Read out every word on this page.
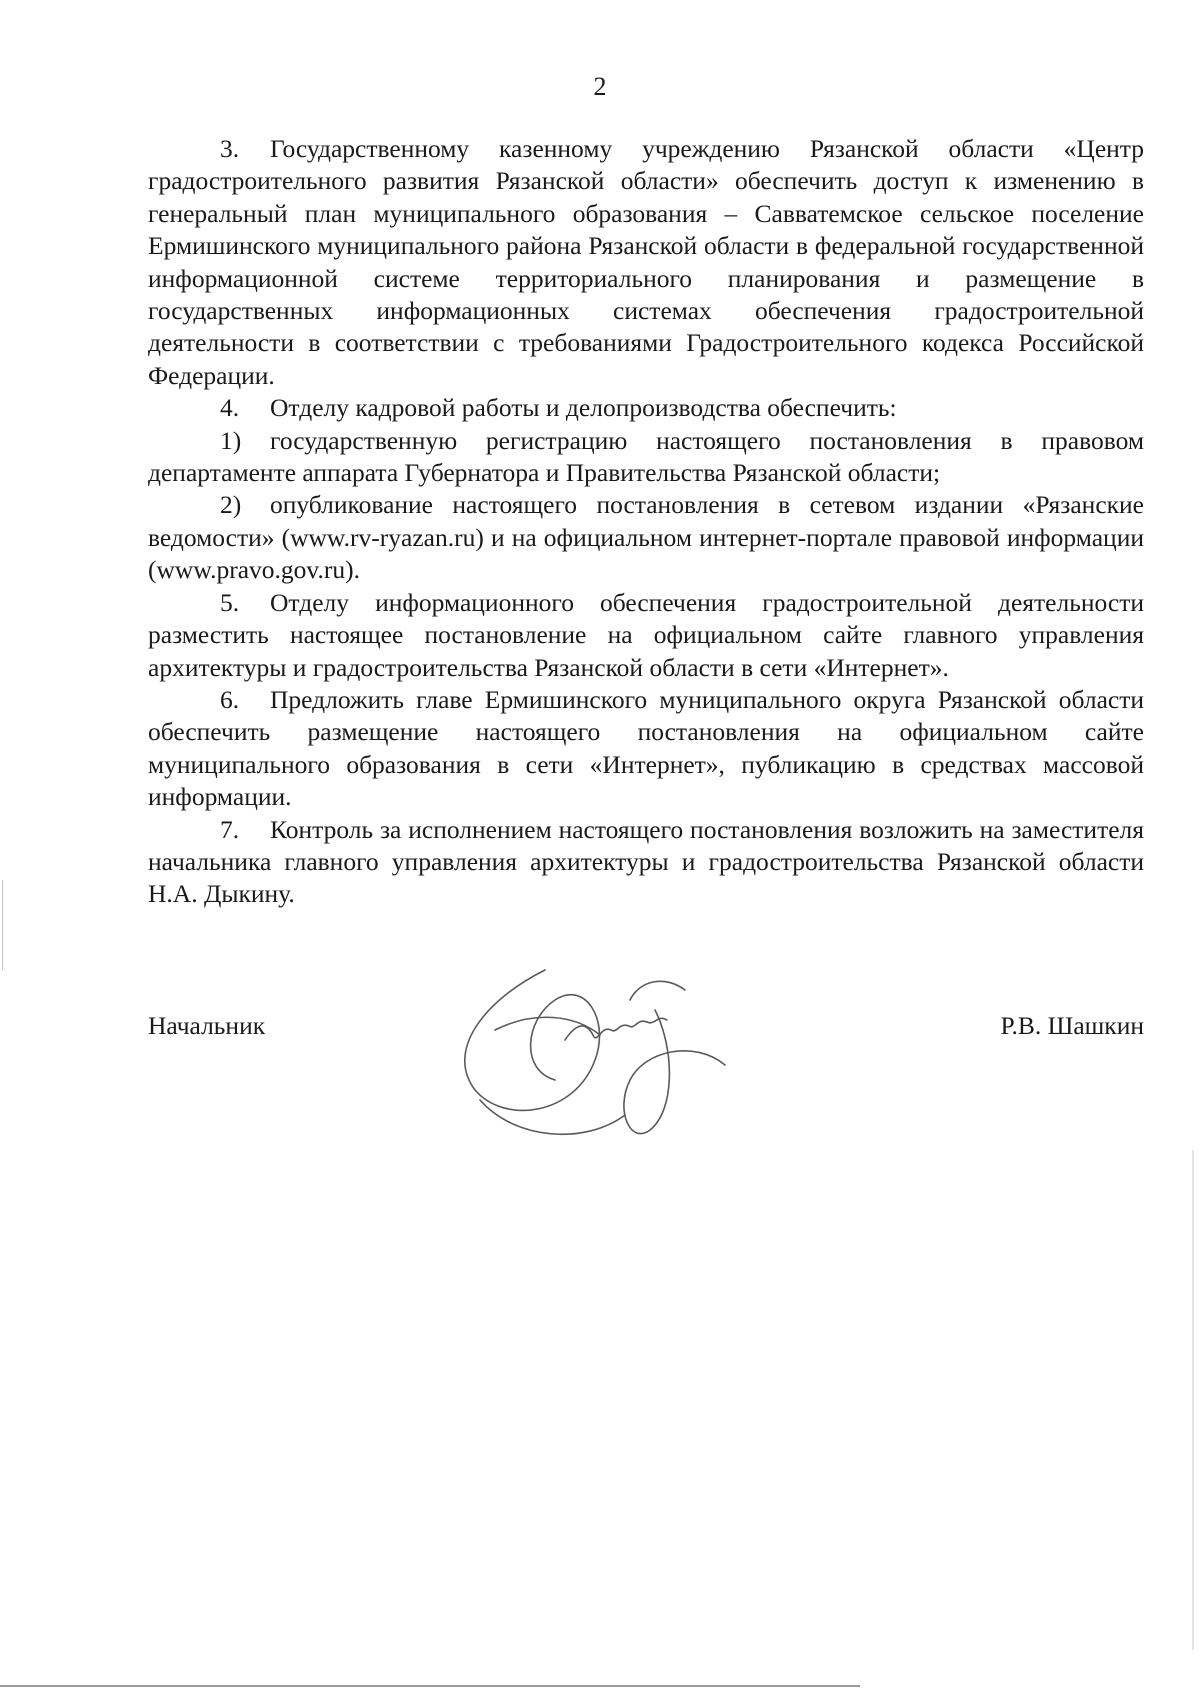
2

3. Государственному казенному учреждению Рязанской области «Центр градостроительного развития Рязанской области» обеспечить доступ к изменению в генеральный план муниципального образования – Савватемское сельское поселение Ермишинского муниципального района Рязанской области в федеральной государственной информационной системе территориального планирования и размещение в государственных информационных системах обеспечения градостроительной деятельности в соответствии с требованиями Градостроительного кодекса Российской Федерации.

4. Отделу кадровой работы и делопроизводства обеспечить:

1) государственную регистрацию настоящего постановления в правовом департаменте аппарата Губернатора и Правительства Рязанской области;

2) опубликование настоящего постановления в сетевом издании «Рязанские ведомости» (www.rv-ryazan.ru) и на официальном интернет-портале правовой информации (www.pravo.gov.ru).

5. Отделу информационного обеспечения градостроительной деятельности разместить настоящее постановление на официальном сайте главного управления архитектуры и градостроительства Рязанской области в сети «Интернет».

6. Предложить главе Ермишинского муниципального округа Рязанской области обеспечить размещение настоящего постановления на официальном сайте муниципального образования в сети «Интернет», публикацию в средствах массовой информации.

7. Контроль за исполнением настоящего постановления возложить на заместителя начальника главного управления архитектуры и градостроительства Рязанской области Н.А. Дыкину.

Начальник	Р.В. Шашкин
